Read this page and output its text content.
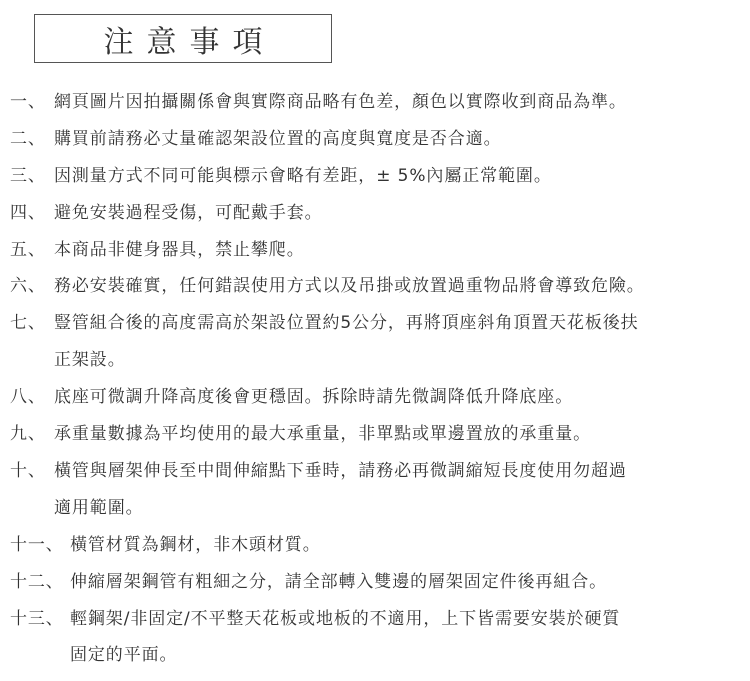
注意事項
一、 網頁圖片因拍攝關係會與實際商品略有色差，顏色以實際收到商品為準。
二、 購買前請務必丈量確認架設位置的高度與寬度是否合適。
三、 因測量方式不同可能與標示會略有差距，± 5%內屬正常範圍。
四、 避免安裝過程受傷，可配戴手套。
五、 本商品非健身器具，禁止攀爬。
六、 務必安裝確實，任何錯誤使用方式以及吊掛或放置過重物品將會導致危險。
七、 豎管組合後的高度需高於架設位置約5公分，再將頂座斜角頂置天花板後扶
正架設。
八、 底座可微調升降高度後會更穩固。拆除時請先微調降低升降底座。
九、 承重量數據為平均使用的最大承重量，非單點或單邊置放的承重量。
十、 橫管與層架伸長至中間伸縮點下垂時，請務必再微調縮短長度使用勿超過
適用範圍。
十一、 橫管材質為鋼材，非木頭材質。
十二、 伸縮層架鋼管有粗細之分，請全部轉入雙邊的層架固定件後再組合。
十三、 輕鋼架/非固定/不平整天花板或地板的不適用，上下皆需要安裝於硬質
固定的平面。
